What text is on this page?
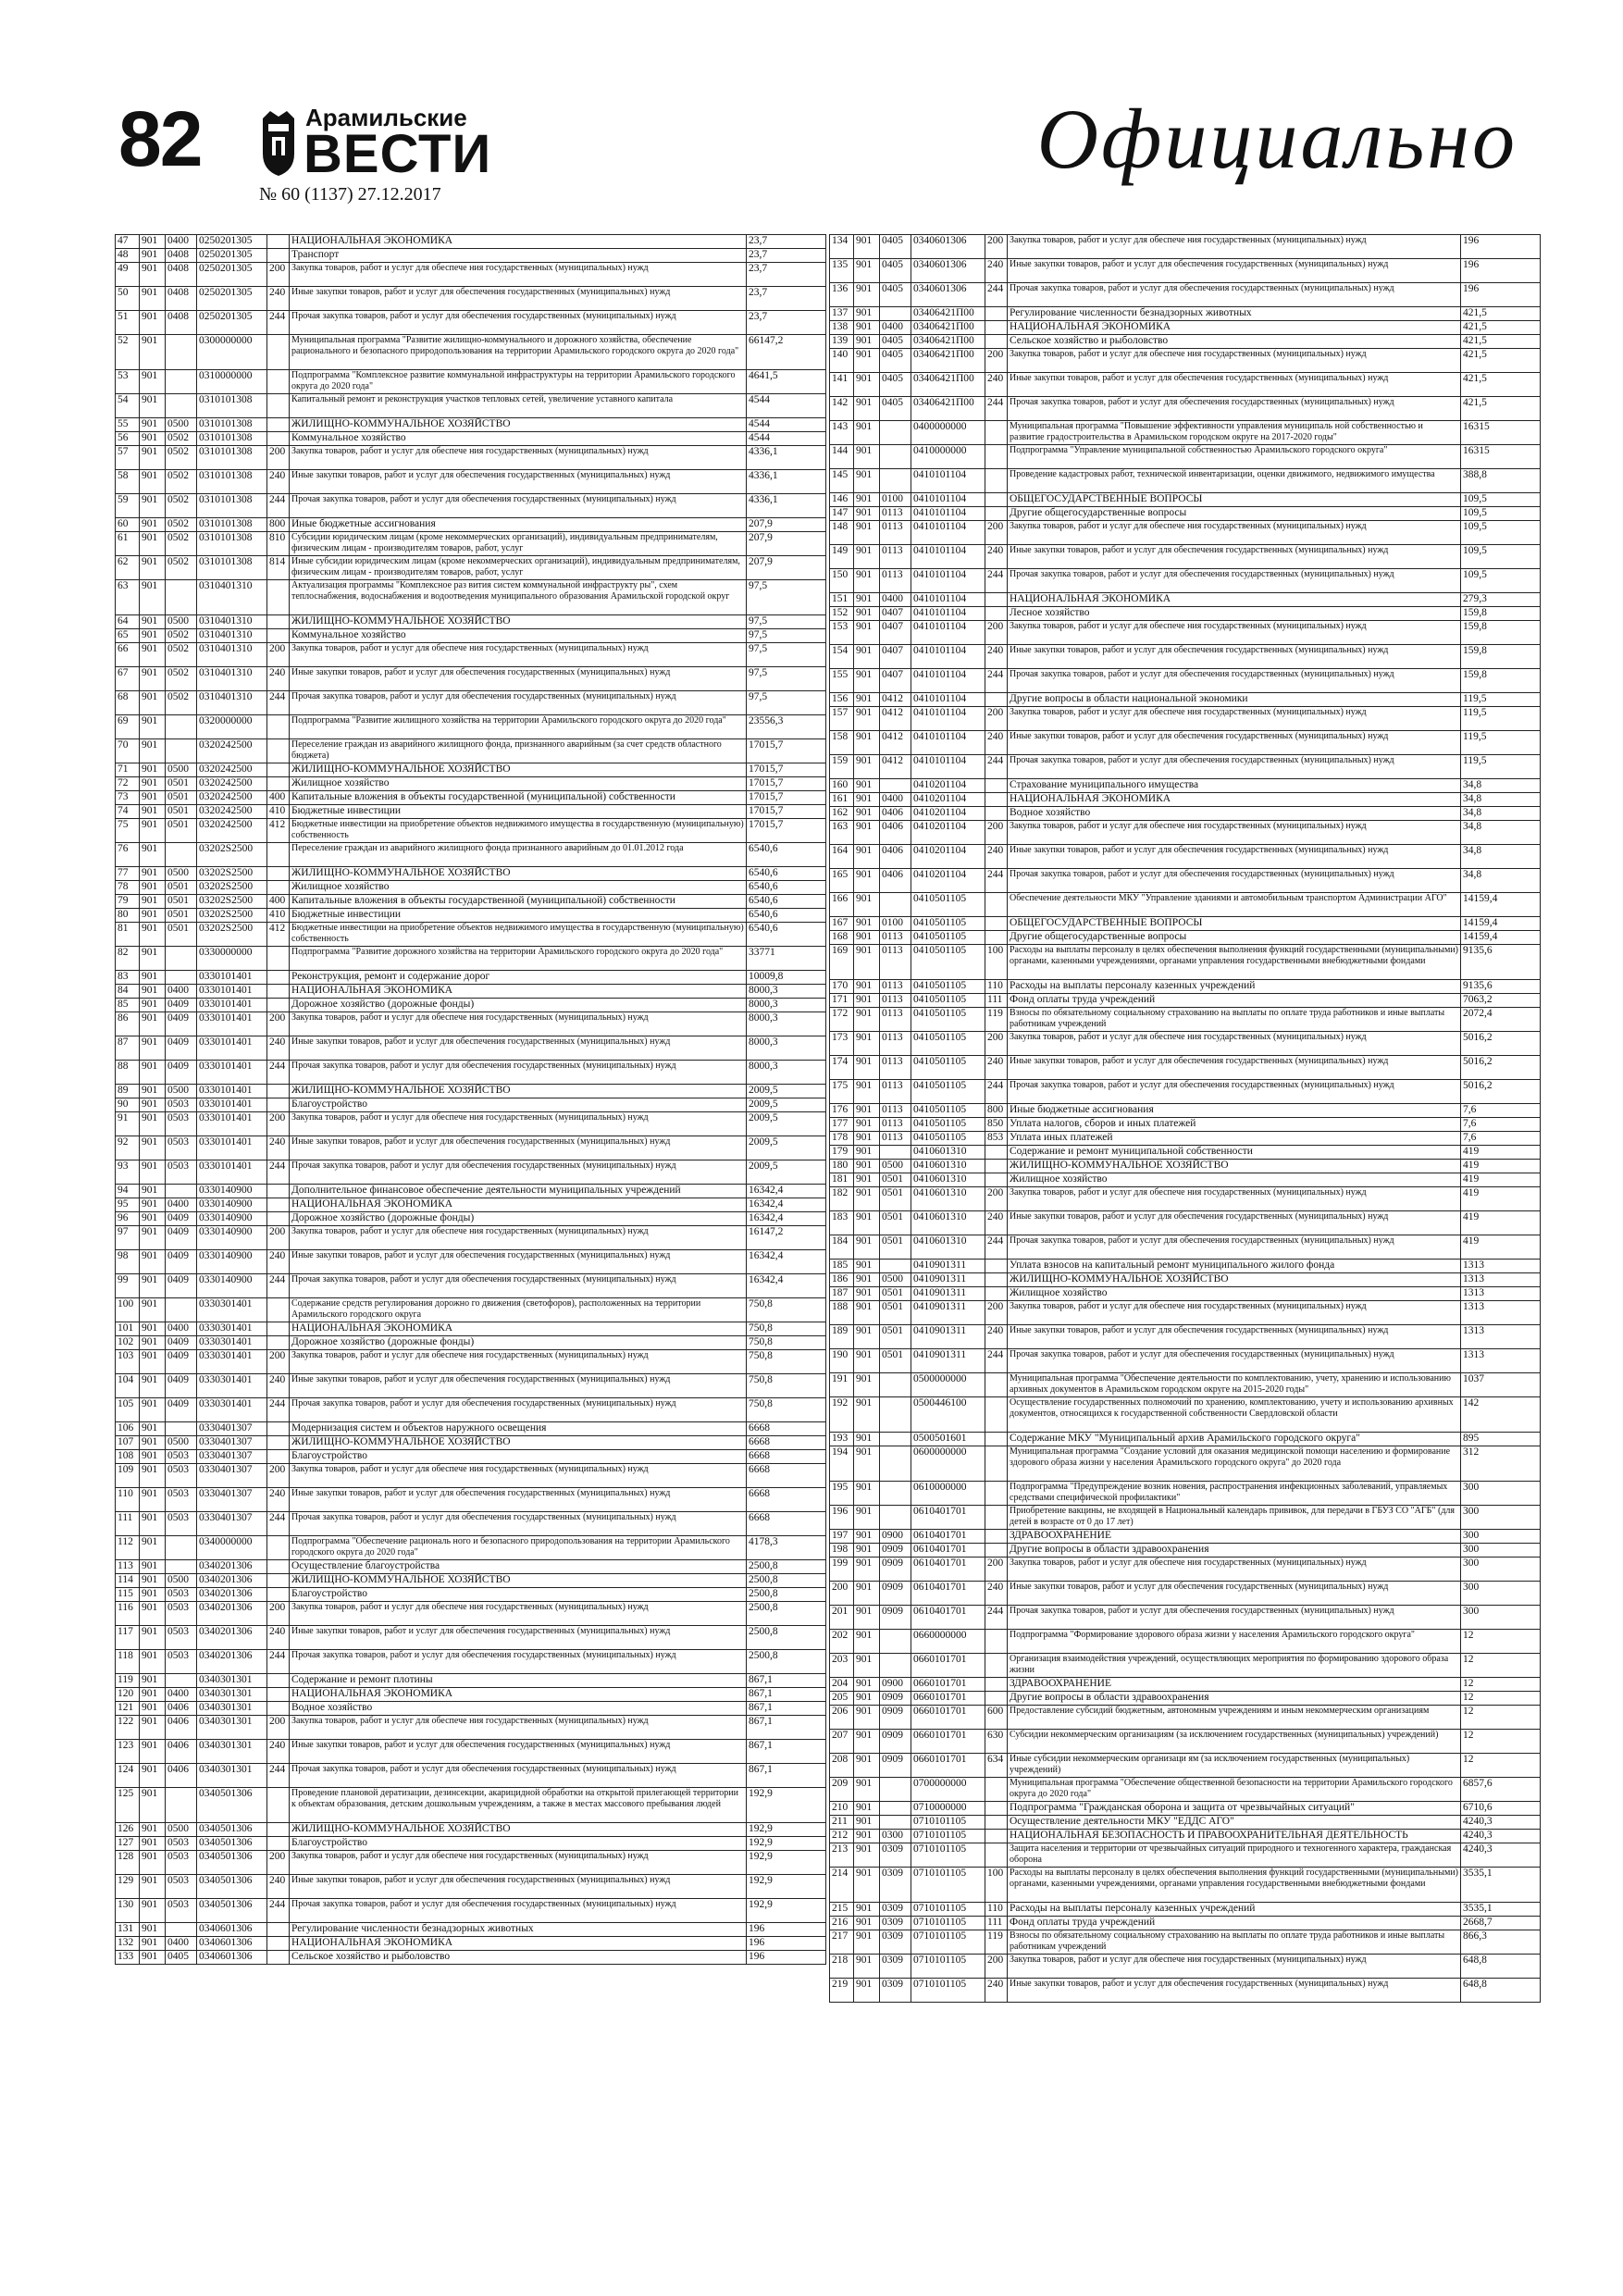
82	Арамильские
ВЕСТИ
№ 60 (1137) 27.12.2017
Официально
47	901	0400	0250201305		НАЦИОНАЛЬНАЯ ЭКОНОМИКА	23,7
48	901	0408	0250201305		Транспорт	23,7
49	901	0408	0250201305	200	Закупка товаров, работ и услуг для обеспече ния государственных (муниципальных) нужд	23,7
50	901	0408	0250201305	240	Иные закупки товаров, работ и услуг для обеспечения государственных (муниципальных) нужд	23,7
51	901	0408	0250201305	244	Прочая закупка товаров, работ и услуг для обеспечения государственных (муниципальных) нужд	23,7
52	901		0300000000		Муниципальная программа "Развитие жилищно-коммунального и дорожного хозяйства, обеспечение рационального и безопасного природопользования на территории Арамильского городского округа до 2020 года"	66147,2
53	901		0310000000		Подпрограмма "Комплексное развитие коммунальной инфраструктуры на территории Арамильского городского округа до 2020 года"	4641,5
54	901		0310101308		Капитальный ремонт и реконструкция участков тепловых сетей, увеличение уставного капитала	4544
55	901	0500	0310101308		ЖИЛИЩНО-КОММУНАЛЬНОЕ ХОЗЯЙСТВО	4544
56	901	0502	0310101308		Коммунальное хозяйство	4544
57	901	0502	0310101308	200	Закупка товаров, работ и услуг для обеспече ния государственных (муниципальных) нужд	4336,1
58	901	0502	0310101308	240	Иные закупки товаров, работ и услуг для обеспечения государственных (муниципальных) нужд	4336,1
59	901	0502	0310101308	244	Прочая закупка товаров, работ и услуг для обеспечения государственных (муниципальных) нужд	4336,1
60	901	0502	0310101308	800	Иные бюджетные ассигнования	207,9
61	901	0502	0310101308	810	Субсидии юридическим лицам (кроме некоммерческих организаций), индивидуальным предпринимателям, физическим лицам - производителям товаров, работ, услуг	207,9
62	901	0502	0310101308	814	Иные субсидии юридическим лицам (кроме некоммерческих организаций), индивидуальным предпринимателям, физическим лицам - производителям товаров, работ, услуг	207,9
63	901		0310401310		Актуализация программы "Комплексное раз вития систем коммунальной инфраструкту ры", схем теплоснабжения, водоснабжения и водоотведения муниципального образования Арамильской городской округ	97,5
64	901	0500	0310401310		ЖИЛИЩНО-КОММУНАЛЬНОЕ ХОЗЯЙСТВО	97,5
65	901	0502	0310401310		Коммунальное хозяйство	97,5
66	901	0502	0310401310	200	Закупка товаров, работ и услуг для обеспече ния государственных (муниципальных) нужд	97,5
67	901	0502	0310401310	240	Иные закупки товаров, работ и услуг для обеспечения государственных (муниципальных) нужд	97,5
68	901	0502	0310401310	244	Прочая закупка товаров, работ и услуг для обеспечения государственных (муниципальных) нужд	97,5
69	901		0320000000		Подпрограмма "Развитие жилищного хозяйства на территории Арамильского городского округа до 2020 года"	23556,3
70	901		0320242500		Переселение граждан из аварийного жилищного фонда, признанного аварийным (за счет средств областного бюджета)	17015,7
71	901	0500	0320242500		ЖИЛИЩНО-КОММУНАЛЬНОЕ ХОЗЯЙСТВО	17015,7
72	901	0501	0320242500		Жилищное хозяйство	17015,7
73	901	0501	0320242500	400	Капитальные вложения в объекты государственной (муниципальной) собственности	17015,7
74	901	0501	0320242500	410	Бюджетные инвестиции	17015,7
75	901	0501	0320242500	412	Бюджетные инвестиции на приобретение объектов недвижимого имущества в государственную (муниципальную) собственность	17015,7
76	901		03202S2500		Переселение граждан из аварийного жилищного фонда признанного аварийным до 01.01.2012 года	6540,6
77	901	0500	03202S2500		ЖИЛИЩНО-КОММУНАЛЬНОЕ ХОЗЯЙСТВО	6540,6
78	901	0501	03202S2500		Жилищное хозяйство	6540,6
79	901	0501	03202S2500	400	Капитальные вложения в объекты государственной (муниципальной) собственности	6540,6
80	901	0501	03202S2500	410	Бюджетные инвестиции	6540,6
81	901	0501	03202S2500	412	Бюджетные инвестиции на приобретение объектов недвижимого имущества в государственную (муниципальную) собственность	6540,6
82	901		0330000000		Подпрограмма "Развитие дорожного хозяйства на территории Арамильского городского округа до 2020 года"	33771
83	901		0330101401		Реконструкция, ремонт и содержание дорог	10009,8
84	901	0400	0330101401		НАЦИОНАЛЬНАЯ ЭКОНОМИКА	8000,3
85	901	0409	0330101401		Дорожное хозяйство (дорожные фонды)	8000,3
86	901	0409	0330101401	200	Закупка товаров, работ и услуг для обеспече ния государственных (муниципальных) нужд	8000,3
87	901	0409	0330101401	240	Иные закупки товаров, работ и услуг для обеспечения государственных (муниципальных) нужд	8000,3
88	901	0409	0330101401	244	Прочая закупка товаров, работ и услуг для обеспечения государственных (муниципальных) нужд	8000,3
89	901	0500	0330101401		ЖИЛИЩНО-КОММУНАЛЬНОЕ ХОЗЯЙСТВО	2009,5
90	901	0503	0330101401		Благоустройство	2009,5
91	901	0503	0330101401	200	Закупка товаров, работ и услуг для обеспече ния государственных (муниципальных) нужд	2009,5
92	901	0503	0330101401	240	Иные закупки товаров, работ и услуг для обеспечения государственных (муниципальных) нужд	2009,5
93	901	0503	0330101401	244	Прочая закупка товаров, работ и услуг для обеспечения государственных (муниципальных) нужд	2009,5
94	901		0330140900		Дополнительное финансовое обеспечение деятельности муниципальных учреждений	16342,4
95	901	0400	0330140900		НАЦИОНАЛЬНАЯ ЭКОНОМИКА	16342,4
96	901	0409	0330140900		Дорожное хозяйство (дорожные фонды)	16342,4
97	901	0409	0330140900	200	Закупка товаров, работ и услуг для обеспече ния государственных (муниципальных) нужд	16147,2
98	901	0409	0330140900	240	Иные закупки товаров, работ и услуг для обеспечения государственных (муниципальных) нужд	16342,4
99	901	0409	0330140900	244	Прочая закупка товаров, работ и услуг для обеспечения государственных (муниципальных) нужд	16342,4
100	901		0330301401		Содержание средств регулирования дорожно го движения (светофоров), расположенных на территории Арамильского городского округа	750,8
101	901	0400	0330301401		НАЦИОНАЛЬНАЯ ЭКОНОМИКА	750,8
102	901	0409	0330301401		Дорожное хозяйство (дорожные фонды)	750,8
103	901	0409	0330301401	200	Закупка товаров, работ и услуг для обеспече ния государственных (муниципальных) нужд	750,8
104	901	0409	0330301401	240	Иные закупки товаров, работ и услуг для обеспечения государственных (муниципальных) нужд	750,8
105	901	0409	0330301401	244	Прочая закупка товаров, работ и услуг для обеспечения государственных (муниципальных) нужд	750,8
106	901		0330401307		Модернизация систем и объектов наружного освещения	6668
107	901	0500	0330401307		ЖИЛИЩНО-КОММУНАЛЬНОЕ ХОЗЯЙСТВО	6668
108	901	0503	0330401307		Благоустройство	6668
109	901	0503	0330401307	200	Закупка товаров, работ и услуг для обеспече ния государственных (муниципальных) нужд	6668
110	901	0503	0330401307	240	Иные закупки товаров, работ и услуг для обеспечения государственных (муниципальных) нужд	6668
111	901	0503	0330401307	244	Прочая закупка товаров, работ и услуг для обеспечения государственных (муниципальных) нужд	6668
112	901		0340000000		Подпрограмма "Обеспечение рациональ ного и безопасного природопользования на территории Арамильского городского округа до 2020 года"	4178,3
113	901		0340201306		Осуществление благоустройства	2500,8
114	901	0500	0340201306		ЖИЛИЩНО-КОММУНАЛЬНОЕ ХОЗЯЙСТВО	2500,8
115	901	0503	0340201306		Благоустройство	2500,8
116	901	0503	0340201306	200	Закупка товаров, работ и услуг для обеспече ния государственных (муниципальных) нужд	2500,8
117	901	0503	0340201306	240	Иные закупки товаров, работ и услуг для обеспечения государственных (муниципальных) нужд	2500,8
118	901	0503	0340201306	244	Прочая закупка товаров, работ и услуг для обеспечения государственных (муниципальных) нужд	2500,8
119	901		0340301301		Содержание и ремонт плотины	867,1
120	901	0400	0340301301		НАЦИОНАЛЬНАЯ ЭКОНОМИКА	867,1
121	901	0406	0340301301		Водное хозяйство	867,1
122	901	0406	0340301301	200	Закупка товаров, работ и услуг для обеспече ния государственных (муниципальных) нужд	867,1
123	901	0406	0340301301	240	Иные закупки товаров, работ и услуг для обеспечения государственных (муниципальных) нужд	867,1
124	901	0406	0340301301	244	Прочая закупка товаров, работ и услуг для обеспечения государственных (муниципальных) нужд	867,1
125	901		0340501306		Проведение плановой дератизации, дезинсекции, акарицидной обработки на открытой прилегающей территории к объектам образования, детским дошкольным учреждениям, а также в местах массового пребывания людей	192,9
126	901	0500	0340501306		ЖИЛИЩНО-КОММУНАЛЬНОЕ ХОЗЯЙСТВО	192,9
127	901	0503	0340501306		Благоустройство	192,9
128	901	0503	0340501306	200	Закупка товаров, работ и услуг для обеспече ния государственных (муниципальных) нужд	192,9
129	901	0503	0340501306	240	Иные закупки товаров, работ и услуг для обеспечения государственных (муниципальных) нужд	192,9
130	901	0503	0340501306	244	Прочая закупка товаров, работ и услуг для обеспечения государственных (муниципальных) нужд	192,9
131	901		0340601306		Регулирование численности безнадзорных животных	196
132	901	0400	0340601306		НАЦИОНАЛЬНАЯ ЭКОНОМИКА	196
133	901	0405	0340601306		Сельское хозяйство и рыболовство	196
134	901	0405	0340601306	200	Закупка товаров, работ и услуг для обеспече ния государственных (муниципальных) нужд	196
135	901	0405	0340601306	240	Иные закупки товаров, работ и услуг для обеспечения государственных (муниципальных) нужд	196
136	901	0405	0340601306	244	Прочая закупка товаров, работ и услуг для обеспечения государственных (муниципальных) нужд	196
137	901		03406421П00		Регулирование численности безнадзорных животных	421,5
138	901	0400	03406421П00		НАЦИОНАЛЬНАЯ ЭКОНОМИКА	421,5
139	901	0405	03406421П00		Сельское хозяйство и рыболовство	421,5
140	901	0405	03406421П00	200	Закупка товаров, работ и услуг для обеспече ния государственных (муниципальных) нужд	421,5
141	901	0405	03406421П00	240	Иные закупки товаров, работ и услуг для обеспечения государственных (муниципальных) нужд	421,5
142	901	0405	03406421П00	244	Прочая закупка товаров, работ и услуг для обеспечения государственных (муниципальных) нужд	421,5
143	901		0400000000		Муниципальная программа "Повышение эффективности управления муниципаль ной собственностью и развитие градостроительства в Арамильском городском округе на 2017-2020 годы"	16315
144	901		0410000000		Подпрограмма "Управление муниципальной собственностью Арамильского городского округа"	16315
145	901		0410101104		Проведение кадастровых работ, технической инвентаризации, оценки движимого, недвижимого имущества	388,8
146	901	0100	0410101104		ОБЩЕГОСУДАРСТВЕННЫЕ ВОПРОСЫ	109,5
147	901	0113	0410101104		Другие общегосударственные вопросы	109,5
148	901	0113	0410101104	200	Закупка товаров, работ и услуг для обеспече ния государственных (муниципальных) нужд	109,5
149	901	0113	0410101104	240	Иные закупки товаров, работ и услуг для обеспечения государственных (муниципальных) нужд	109,5
150	901	0113	0410101104	244	Прочая закупка товаров, работ и услуг для обеспечения государственных (муниципальных) нужд	109,5
151	901	0400	0410101104		НАЦИОНАЛЬНАЯ ЭКОНОМИКА	279,3
152	901	0407	0410101104		Лесное хозяйство	159,8
153	901	0407	0410101104	200	Закупка товаров, работ и услуг для обеспече ния государственных (муниципальных) нужд	159,8
154	901	0407	0410101104	240	Иные закупки товаров, работ и услуг для обеспечения государственных (муниципальных) нужд	159,8
155	901	0407	0410101104	244	Прочая закупка товаров, работ и услуг для обеспечения государственных (муниципальных) нужд	159,8
156	901	0412	0410101104		Другие вопросы в области национальной экономики	119,5
157	901	0412	0410101104	200	Закупка товаров, работ и услуг для обеспече ния государственных (муниципальных) нужд	119,5
158	901	0412	0410101104	240	Иные закупки товаров, работ и услуг для обеспечения государственных (муниципальных) нужд	119,5
159	901	0412	0410101104	244	Прочая закупка товаров, работ и услуг для обеспечения государственных (муниципальных) нужд	119,5
160	901		0410201104		Страхование муниципального имущества	34,8
161	901	0400	0410201104		НАЦИОНАЛЬНАЯ ЭКОНОМИКА	34,8
162	901	0406	0410201104		Водное хозяйство	34,8
163	901	0406	0410201104	200	Закупка товаров, работ и услуг для обеспече ния государственных (муниципальных) нужд	34,8
164	901	0406	0410201104	240	Иные закупки товаров, работ и услуг для обеспечения государственных (муниципальных) нужд	34,8
165	901	0406	0410201104	244	Прочая закупка товаров, работ и услуг для обеспечения государственных (муниципальных) нужд	34,8
166	901		0410501105		Обеспечение деятельности МКУ "Управление зданиями и автомобильным транспортом Администрации АГО"	14159,4
167	901	0100	0410501105		ОБЩЕГОСУДАРСТВЕННЫЕ ВОПРОСЫ	14159,4
168	901	0113	0410501105		Другие общегосударственные вопросы	14159,4
169	901	0113	0410501105	100	Расходы на выплаты персоналу в целях обеспечения выполнения функций государственными (муниципальными) органами, казенными учреждениями, органами управления государственными внебюджетными фондами	9135,6
170	901	0113	0410501105	110	Расходы на выплаты персоналу казенных учреждений	9135,6
171	901	0113	0410501105	111	Фонд оплаты труда учреждений	7063,2
172	901	0113	0410501105	119	Взносы по обязательному социальному страхованию на выплаты по оплате труда работников и иные выплаты работникам учреждений	2072,4
173	901	0113	0410501105	200	Закупка товаров, работ и услуг для обеспече ния государственных (муниципальных) нужд	5016,2
174	901	0113	0410501105	240	Иные закупки товаров, работ и услуг для обеспечения государственных (муниципальных) нужд	5016,2
175	901	0113	0410501105	244	Прочая закупка товаров, работ и услуг для обеспечения государственных (муниципальных) нужд	5016,2
176	901	0113	0410501105	800	Иные бюджетные ассигнования	7,6
177	901	0113	0410501105	850	Уплата налогов, сборов и иных платежей	7,6
178	901	0113	0410501105	853	Уплата иных платежей	7,6
179	901		0410601310		Содержание и ремонт муниципальной собственности	419
180	901	0500	0410601310		ЖИЛИЩНО-КОММУНАЛЬНОЕ ХОЗЯЙСТВО	419
181	901	0501	0410601310		Жилищное хозяйство	419
182	901	0501	0410601310	200	Закупка товаров, работ и услуг для обеспече ния государственных (муниципальных) нужд	419
183	901	0501	0410601310	240	Иные закупки товаров, работ и услуг для обеспечения государственных (муниципальных) нужд	419
184	901	0501	0410601310	244	Прочая закупка товаров, работ и услуг для обеспечения государственных (муниципальных) нужд	419
185	901		0410901311		Уплата взносов на капитальный ремонт муниципального жилого фонда	1313
186	901	0500	0410901311		ЖИЛИЩНО-КОММУНАЛЬНОЕ ХОЗЯЙСТВО	1313
187	901	0501	0410901311		Жилищное хозяйство	1313
188	901	0501	0410901311	200	Закупка товаров, работ и услуг для обеспече ния государственных (муниципальных) нужд	1313
189	901	0501	0410901311	240	Иные закупки товаров, работ и услуг для обеспечения государственных (муниципальных) нужд	1313
190	901	0501	0410901311	244	Прочая закупка товаров, работ и услуг для обеспечения государственных (муниципальных) нужд	1313
191	901		0500000000		Муниципальная программа "Обеспечение деятельности по комплектованию, учету, хранению и использованию архивных документов в Арамильском городском округе на 2015-2020 годы"	1037
192	901		0500446100		Осуществление государственных полномочий по хранению, комплектованию, учету и использованию архивных документов, относящихся к государственной собственности Свердловской области	142
193	901		0500501601		Содержание МКУ "Муниципальный архив Арамильского городского округа"	895
194	901		0600000000		Муниципальная программа "Создание условий для оказания медицинской помощи населению и формирование здорового образа жизни у населения Арамильского городского округа" до 2020 года	312
195	901		0610000000		Подпрограмма "Предупреждение возник новения, распространения инфекционных заболеваний, управляемых средствами специфической профилактики"	300
196	901		0610401701		Приобретение вакцины, не входящей в Национальный календарь прививок, для передачи в ГБУЗ СО "АГБ" (для детей в возрасте от 0 до 17 лет)	300
197	901	0900	0610401701		ЗДРАВООХРАНЕНИЕ	300
198	901	0909	0610401701		Другие вопросы в области здравоохранения	300
199	901	0909	0610401701	200	Закупка товаров, работ и услуг для обеспече ния государственных (муниципальных) нужд	300
200	901	0909	0610401701	240	Иные закупки товаров, работ и услуг для обеспечения государственных (муниципальных) нужд	300
201	901	0909	0610401701	244	Прочая закупка товаров, работ и услуг для обеспечения государственных (муниципальных) нужд	300
202	901		0660000000		Подпрограмма "Формирование здорового образа жизни у населения Арамильского городского округа"	12
203	901		0660101701		Организация взаимодействия учреждений, осуществляющих мероприятия по формированию здорового образа жизни	12
204	901	0900	0660101701		ЗДРАВООХРАНЕНИЕ	12
205	901	0909	0660101701		Другие вопросы в области здравоохранения	12
206	901	0909	0660101701	600	Предоставление субсидий бюджетным, автономным учреждениям и иным некоммерческим организациям	12
207	901	0909	0660101701	630	Субсидии некоммерческим организациям (за исключением государственных (муниципальных) учреждений)	12
208	901	0909	0660101701	634	Иные субсидии некоммерческим организаци ям (за исключением государственных (муниципальных) учреждений)	12
209	901		0700000000		Муниципальная программа "Обеспечение общественной безопасности на территории Арамильского городского округа до 2020 года"	6857,6
210	901		0710000000		Подпрограмма "Гражданская оборона и защита от чрезвычайных ситуаций"	6710,6
211	901		0710101105		Осуществление деятельности МКУ "ЕДДС АГО"	4240,3
212	901	0300	0710101105		НАЦИОНАЛЬНАЯ БЕЗОПАСНОСТЬ И ПРАВООХРАНИТЕЛЬНАЯ ДЕЯТЕЛЬНОСТЬ	4240,3
213	901	0309	0710101105		Защита населения и территории от чрезвычайных ситуаций природного и техногенного характера, гражданская оборона	4240,3
214	901	0309	0710101105	100	Расходы на выплаты персоналу в целях обеспечения выполнения функций государственными (муниципальными) органами, казенными учреждениями, органами управления государственными внебюджетными фондами	3535,1
215	901	0309	0710101105	110	Расходы на выплаты персоналу казенных учреждений	3535,1
216	901	0309	0710101105	111	Фонд оплаты труда учреждений	2668,7
217	901	0309	0710101105	119	Взносы по обязательному социальному страхованию на выплаты по оплате труда работников и иные выплаты работникам учреждений	866,3
218	901	0309	0710101105	200	Закупка товаров, работ и услуг для обеспече ния государственных (муниципальных) нужд	648,8
219	901	0309	0710101105	240	Иные закупки товаров, работ и услуг для обеспечения государственных (муниципальных) нужд	648,8
